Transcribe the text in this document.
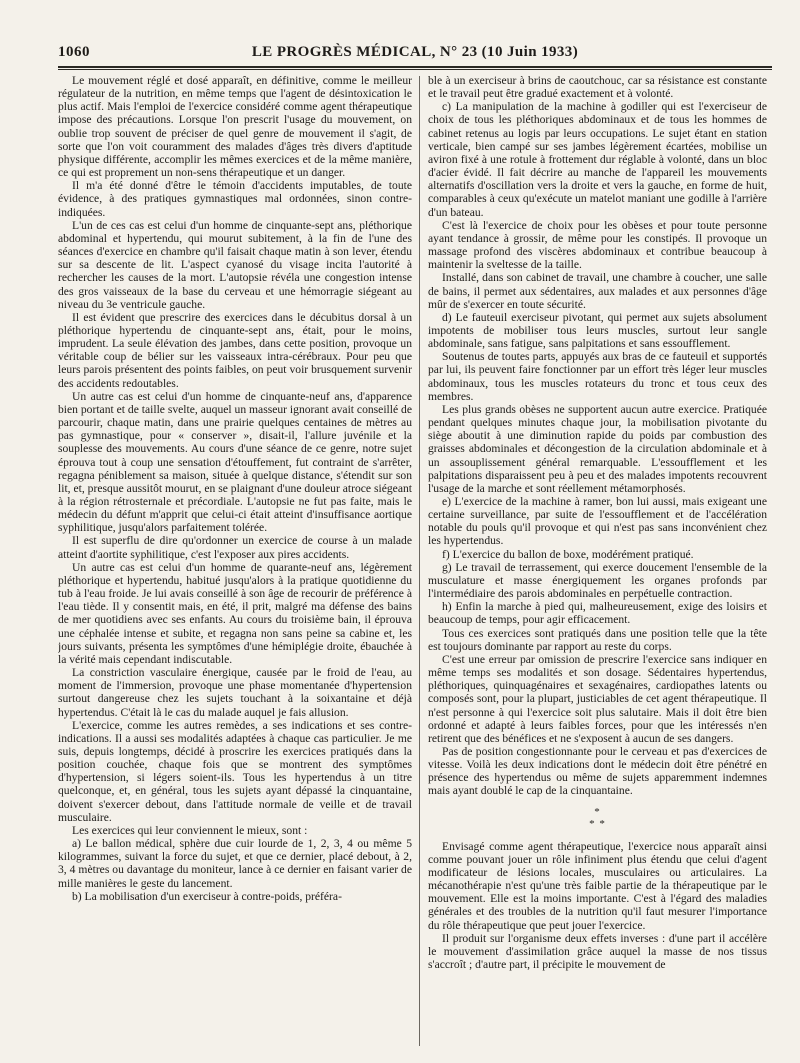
1060	LE PROGRÈS MÉDICAL, N° 23 (10 Juin 1933)

Le mouvement réglé et dosé apparaît, en définitive, comme le meilleur régulateur de la nutrition, en même temps que l'agent de désintoxication le plus actif. Mais l'emploi de l'exercice considéré comme agent thérapeutique impose des précautions. Lorsque l'on prescrit l'usage du mouvement, on oublie trop souvent de préciser de quel genre de mouvement il s'agit, de sorte que l'on voit couramment des malades d'âges très divers d'aptitude physique différente, accomplir les mêmes exercices et de la même manière, ce qui est proprement un non-sens thérapeutique et un danger.

Il m'a été donné d'être le témoin d'accidents imputables, de toute évidence, à des pratiques gymnastiques mal ordonnées, sinon contre-indiquées.

L'un de ces cas est celui d'un homme de cinquante-sept ans, pléthorique abdominal et hypertendu, qui mourut subitement, à la fin de l'une des séances d'exercice en chambre qu'il faisait chaque matin à son lever, étendu sur sa descente de lit. L'aspect cyanosé du visage incita l'autorité à rechercher les causes de la mort. L'autopsie révéla une congestion intense des gros vaisseaux de la base du cerveau et une hémorragie siégeant au niveau du 3e ventricule gauche.

Il est évident que prescrire des exercices dans le décubitus dorsal à un pléthorique hypertendu de cinquante-sept ans, était, pour le moins, imprudent. La seule élévation des jambes, dans cette position, provoque un véritable coup de bélier sur les vaisseaux intra-cérébraux. Pour peu que leurs parois présentent des points faibles, on peut voir brusquement survenir des accidents redoutables.

Un autre cas est celui d'un homme de cinquante-neuf ans, d'apparence bien portant et de taille svelte, auquel un masseur ignorant avait conseillé de parcourir, chaque matin, dans une prairie quelques centaines de mètres au pas gymnastique, pour « conserver », disait-il, l'allure juvénile et la souplesse des mouvements. Au cours d'une séance de ce genre, notre sujet éprouva tout à coup une sensation d'étouffement, fut contraint de s'arrêter, regagna péniblement sa maison, située à quelque distance, s'étendit sur son lit, et, presque aussitôt mourut, en se plaignant d'une douleur atroce siégeant à la région rétrosternale et précordiale. L'autopsie ne fut pas faite, mais le médecin du défunt m'apprit que celui-ci était atteint d'insuffisance aortique syphilitique, jusqu'alors parfaitement tolérée.

Il est superflu de dire qu'ordonner un exercice de course à un malade atteint d'aortite syphilitique, c'est l'exposer aux pires accidents.

Un autre cas est celui d'un homme de quarante-neuf ans, légèrement pléthorique et hypertendu, habitué jusqu'alors à la pratique quotidienne du tub à l'eau froide. Je lui avais conseillé à son âge de recourir de préférence à l'eau tiède. Il y consentit mais, en été, il prit, malgré ma défense des bains de mer quotidiens avec ses enfants. Au cours du troisième bain, il éprouva une céphalée intense et subite, et regagna non sans peine sa cabine et, les jours suivants, présenta les symptômes d'une hémiplégie droite, ébauchée à la vérité mais cependant indiscutable.

La constriction vasculaire énergique, causée par le froid de l'eau, au moment de l'immersion, provoque une phase momentanée d'hypertension surtout dangereuse chez les sujets touchant à la soixantaine et déjà hypertendus. C'était là le cas du malade auquel je fais allusion.

L'exercice, comme les autres remèdes, a ses indications et ses contre-indications. Il a aussi ses modalités adaptées à chaque cas particulier. Je me suis, depuis longtemps, décidé à proscrire les exercices pratiqués dans la position couchée, chaque fois que se montrent des symptômes d'hypertension, si légers soient-ils. Tous les hypertendus à un titre quelconque, et, en général, tous les sujets ayant dépassé la cinquantaine, doivent s'exercer debout, dans l'attitude normale de veille et de travail musculaire.

Les exercices qui leur conviennent le mieux, sont :

a) Le ballon médical, sphère due cuir lourde de 1, 2, 3, 4 ou même 5 kilogrammes, suivant la force du sujet, et que ce dernier, placé debout, à 2, 3, 4 mètres ou davantage du moniteur, lance à ce dernier en faisant varier de mille manières le geste du lancement.

b) La mobilisation d'un exerciseur à contre-poids, préféra-

ble à un exerciseur à brins de caoutchouc, car sa résistance est constante et le travail peut être gradué exactement et à volonté.

c) La manipulation de la machine à godiller qui est l'exerciseur de choix de tous les pléthoriques abdominaux et de tous les hommes de cabinet retenus au logis par leurs occupations. Le sujet étant en station verticale, bien campé sur ses jambes légèrement écartées, mobilise un aviron fixé à une rotule à frottement dur réglable à volonté, dans un bloc d'acier évidé. Il fait décrire au manche de l'appareil les mouvements alternatifs d'oscillation vers la droite et vers la gauche, en forme de huit, comparables à ceux qu'exécute un matelot maniant une godille à l'arrière d'un bateau.

C'est là l'exercice de choix pour les obèses et pour toute personne ayant tendance à grossir, de même pour les constipés. Il provoque un massage profond des viscères abdominaux et contribue beaucoup à maintenir la sveltesse de la taille.

Installé, dans son cabinet de travail, une chambre à coucher, une salle de bains, il permet aux sédentaires, aux malades et aux personnes d'âge mûr de s'exercer en toute sécurité.

d) Le fauteuil exerciseur pivotant, qui permet aux sujets absolument impotents de mobiliser tous leurs muscles, surtout leur sangle abdominale, sans fatigue, sans palpitations et sans essoufflement.

Soutenus de toutes parts, appuyés aux bras de ce fauteuil et supportés par lui, ils peuvent faire fonctionner par un effort très léger leur muscles abdominaux, tous les muscles rotateurs du tronc et tous ceux des membres.

Les plus grands obèses ne supportent aucun autre exercice. Pratiquée pendant quelques minutes chaque jour, la mobilisation pivotante du siège aboutit à une diminution rapide du poids par combustion des graisses abdominales et décongestion de la circulation abdominale et à un assouplissement général remarquable. L'essoufflement et les palpitations disparaissent peu à peu et des malades impotents recouvrent l'usage de la marche et sont réellement métamorphosés.

e) L'exercice de la machine à ramer, bon lui aussi, mais exigeant une certaine surveillance, par suite de l'essoufflement et de l'accélération notable du pouls qu'il provoque et qui n'est pas sans inconvénient chez les hypertendus.

f) L'exercice du ballon de boxe, modérément pratiqué.

g) Le travail de terrassement, qui exerce doucement l'ensemble de la musculature et masse énergiquement les organes profonds par l'intermédiaire des parois abdominales en perpétuelle contraction.

h) Enfin la marche à pied qui, malheureusement, exige des loisirs et beaucoup de temps, pour agir efficacement.

Tous ces exercices sont pratiqués dans une position telle que la tête est toujours dominante par rapport au reste du corps.

C'est une erreur par omission de prescrire l'exercice sans indiquer en même temps ses modalités et son dosage. Sédentaires hypertendus, pléthoriques, quinquagénaires et sexagénaires, cardiopathes latents ou composés sont, pour la plupart, justiciables de cet agent thérapeutique. Il n'est personne à qui l'exercice soit plus salutaire. Mais il doit être bien ordonné et adapté à leurs faibles forces, pour que les intéressés n'en retirent que des bénéfices et ne s'exposent à aucun de ses dangers.

Pas de position congestionnante pour le cerveau et pas d'exercices de vitesse. Voilà les deux indications dont le médecin doit être pénétré en présence des hypertendus ou même de sujets apparemment indemnes mais ayant doublé le cap de la cinquantaine.

*
* *

Envisagé comme agent thérapeutique, l'exercice nous apparaît ainsi comme pouvant jouer un rôle infiniment plus étendu que celui d'agent modificateur de lésions locales, musculaires ou articulaires. La mécanothérapie n'est qu'une très faible partie de la thérapeutique par le mouvement. Elle est la moins importante. C'est à l'égard des maladies générales et des troubles de la nutrition qu'il faut mesurer l'importance du rôle thérapeutique que peut jouer l'exercice.

Il produit sur l'organisme deux effets inverses : d'une part il accélère le mouvement d'assimilation grâce auquel la masse de nos tissus s'accroît ; d'autre part, il précipite le mouvement de
